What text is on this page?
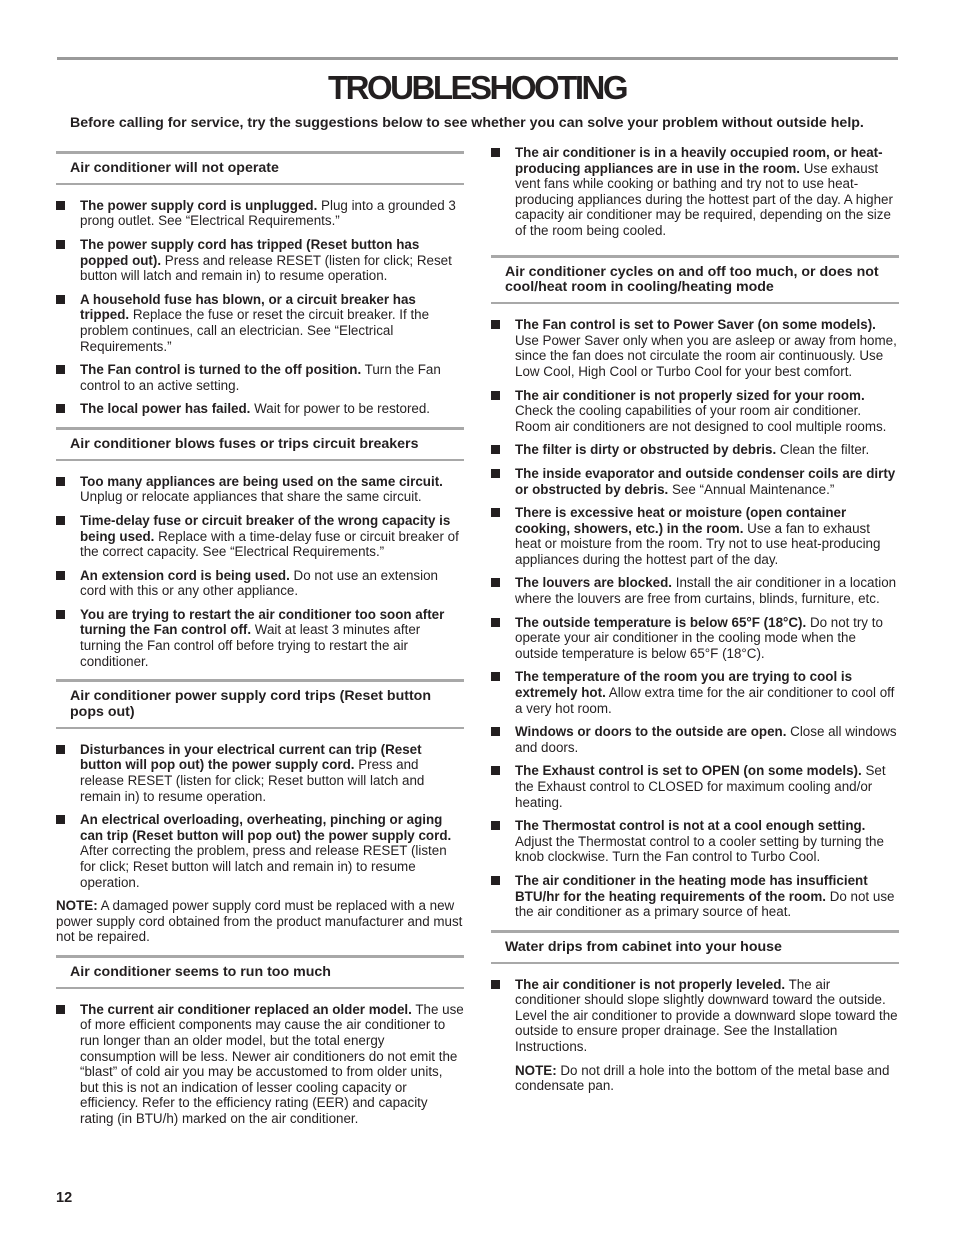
TROUBLESHOOTING
Before calling for service, try the suggestions below to see whether you can solve your problem without outside help.
Air conditioner will not operate
The power supply cord is unplugged. Plug into a grounded 3 prong outlet. See “Electrical Requirements.”
The power supply cord has tripped (Reset button has popped out). Press and release RESET (listen for click; Reset button will latch and remain in) to resume operation.
A household fuse has blown, or a circuit breaker has tripped. Replace the fuse or reset the circuit breaker. If the problem continues, call an electrician. See “Electrical Requirements.”
The Fan control is turned to the off position. Turn the Fan control to an active setting.
The local power has failed. Wait for power to be restored.
Air conditioner blows fuses or trips circuit breakers
Too many appliances are being used on the same circuit. Unplug or relocate appliances that share the same circuit.
Time-delay fuse or circuit breaker of the wrong capacity is being used. Replace with a time-delay fuse or circuit breaker of the correct capacity. See “Electrical Requirements.”
An extension cord is being used. Do not use an extension cord with this or any other appliance.
You are trying to restart the air conditioner too soon after turning the Fan control off. Wait at least 3 minutes after turning the Fan control off before trying to restart the air conditioner.
Air conditioner power supply cord trips (Reset button pops out)
Disturbances in your electrical current can trip (Reset button will pop out) the power supply cord. Press and release RESET (listen for click; Reset button will latch and remain in) to resume operation.
An electrical overloading, overheating, pinching or aging can trip (Reset button will pop out) the power supply cord. After correcting the problem, press and release RESET (listen for click; Reset button will latch and remain in) to resume operation.
NOTE: A damaged power supply cord must be replaced with a new power supply cord obtained from the product manufacturer and must not be repaired.
Air conditioner seems to run too much
The current air conditioner replaced an older model. The use of more efficient components may cause the air conditioner to run longer than an older model, but the total energy consumption will be less. Newer air conditioners do not emit the “blast” of cold air you may be accustomed to from older units, but this is not an indication of lesser cooling capacity or efficiency. Refer to the efficiency rating (EER) and capacity rating (in BTU/h) marked on the air conditioner.
The air conditioner is in a heavily occupied room, or heat-producing appliances are in use in the room. Use exhaust vent fans while cooking or bathing and try not to use heat-producing appliances during the hottest part of the day. A higher capacity air conditioner may be required, depending on the size of the room being cooled.
Air conditioner cycles on and off too much, or does not cool/heat room in cooling/heating mode
The Fan control is set to Power Saver (on some models). Use Power Saver only when you are asleep or away from home, since the fan does not circulate the room air continuously. Use Low Cool, High Cool or Turbo Cool for your best comfort.
The air conditioner is not properly sized for your room. Check the cooling capabilities of your room air conditioner. Room air conditioners are not designed to cool multiple rooms.
The filter is dirty or obstructed by debris. Clean the filter.
The inside evaporator and outside condenser coils are dirty or obstructed by debris. See “Annual Maintenance.”
There is excessive heat or moisture (open container cooking, showers, etc.) in the room. Use a fan to exhaust heat or moisture from the room. Try not to use heat-producing appliances during the hottest part of the day.
The louvers are blocked. Install the air conditioner in a location where the louvers are free from curtains, blinds, furniture, etc.
The outside temperature is below 65°F (18°C). Do not try to operate your air conditioner in the cooling mode when the outside temperature is below 65°F (18°C).
The temperature of the room you are trying to cool is extremely hot. Allow extra time for the air conditioner to cool off a very hot room.
Windows or doors to the outside are open. Close all windows and doors.
The Exhaust control is set to OPEN (on some models). Set the Exhaust control to CLOSED for maximum cooling and/or heating.
The Thermostat control is not at a cool enough setting. Adjust the Thermostat control to a cooler setting by turning the knob clockwise. Turn the Fan control to Turbo Cool.
The air conditioner in the heating mode has insufficient BTU/hr for the heating requirements of the room. Do not use the air conditioner as a primary source of heat.
Water drips from cabinet into your house
The air conditioner is not properly leveled. The air conditioner should slope slightly downward toward the outside. Level the air conditioner to provide a downward slope toward the outside to ensure proper drainage. See the Installation Instructions.
NOTE: Do not drill a hole into the bottom of the metal base and condensate pan.
12
